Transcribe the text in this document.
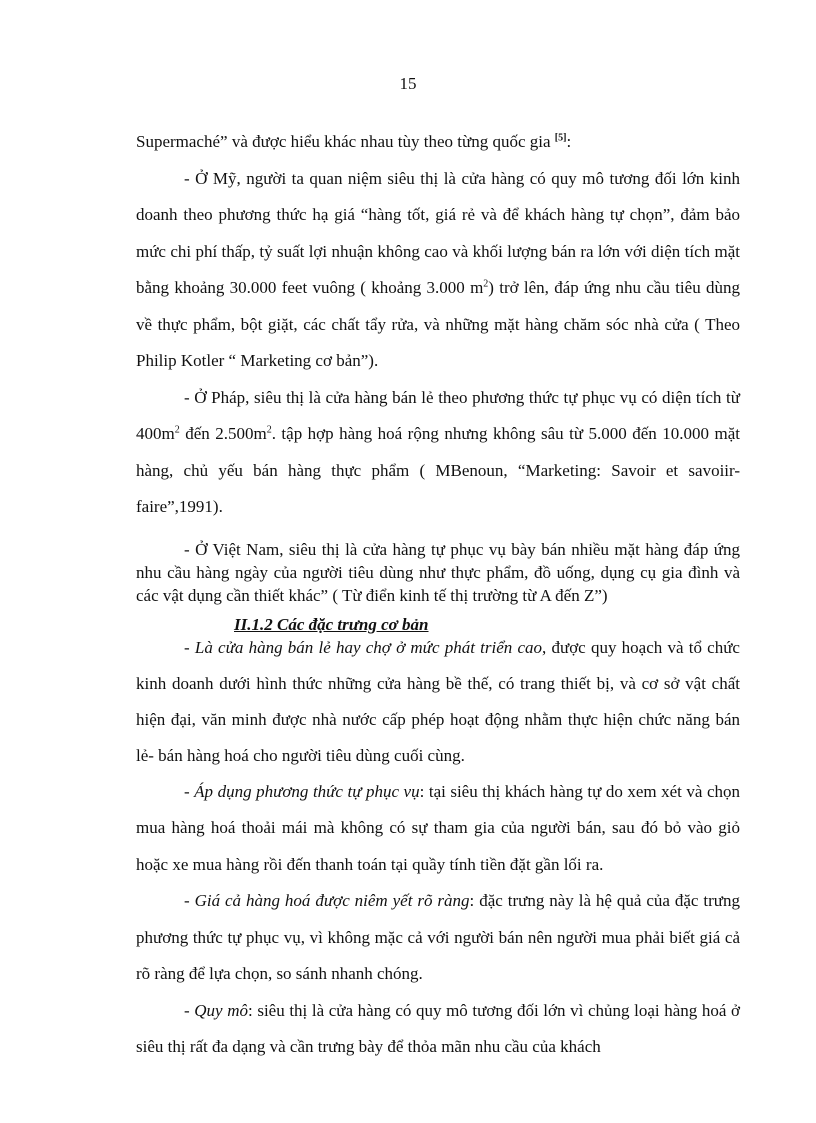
15

Supermaché” và được hiểu khác nhau tùy theo từng quốc gia [5]:

- Ở Mỹ, người ta quan niệm siêu thị là cửa hàng có quy mô tương đối lớn kinh doanh theo phương thức hạ giá “hàng tốt, giá rẻ và để khách hàng tự chọn”, đảm bảo mức chi phí thấp, tỷ suất lợi nhuận không cao và khối lượng bán ra lớn với diện tích mặt bằng khoảng 30.000 feet vuông ( khoảng 3.000 $m^2$) trở lên, đáp ứng nhu cầu tiêu dùng về thực phẩm, bột giặt, các chất tẩy rửa, và những mặt hàng chăm sóc nhà cửa ( Theo Philip Kotler “ Marketing cơ bản”).

- Ở Pháp, siêu thị là cửa hàng bán lẻ theo phương thức tự phục vụ có diện tích từ $400m^2$ đến $2.500m^2$. tập hợp hàng hoá rộng nhưng không sâu từ 5.000 đến 10.000 mặt hàng, chủ yếu bán hàng thực phẩm ( MBenoun, “Marketing: Savoir et savoiir-faire”,1991).

- Ở Việt Nam, siêu thị là cửa hàng tự phục vụ bày bán nhiều mặt hàng đáp ứng nhu cầu hàng ngày của người tiêu dùng như thực phẩm, đồ uống, dụng cụ gia đình và các vật dụng cần thiết khác” ( Từ điển kinh tế thị trường từ A đến Z”)

II.1.2 Các đặc trưng cơ bản

- Là cửa hàng bán lẻ hay chợ ở mức phát triển cao, được quy hoạch và tổ chức kinh doanh dưới hình thức những cửa hàng bề thế, có trang thiết bị, và cơ sở vật chất hiện đại, văn minh được nhà nước cấp phép hoạt động nhằm thực hiện chức năng bán lẻ- bán hàng hoá cho người tiêu dùng cuối cùng.

- Áp dụng phương thức tự phục vụ: tại siêu thị khách hàng tự do xem xét và chọn mua hàng hoá thoải mái mà không có sự tham gia của người bán, sau đó bỏ vào giỏ hoặc xe mua hàng rồi đến thanh toán tại quầy tính tiền đặt gần lối ra.

- Giá cả hàng hoá được niêm yết rõ ràng: đặc trưng này là hệ quả của đặc trưng phương thức tự phục vụ, vì không mặc cả với người bán nên người mua phải biết giá cả rõ ràng để lựa chọn, so sánh nhanh chóng.

- Quy mô: siêu thị là cửa hàng có quy mô tương đối lớn vì chủng loại hàng hoá ở siêu thị rất đa dạng và cần trưng bày để thỏa mãn nhu cầu của khách
